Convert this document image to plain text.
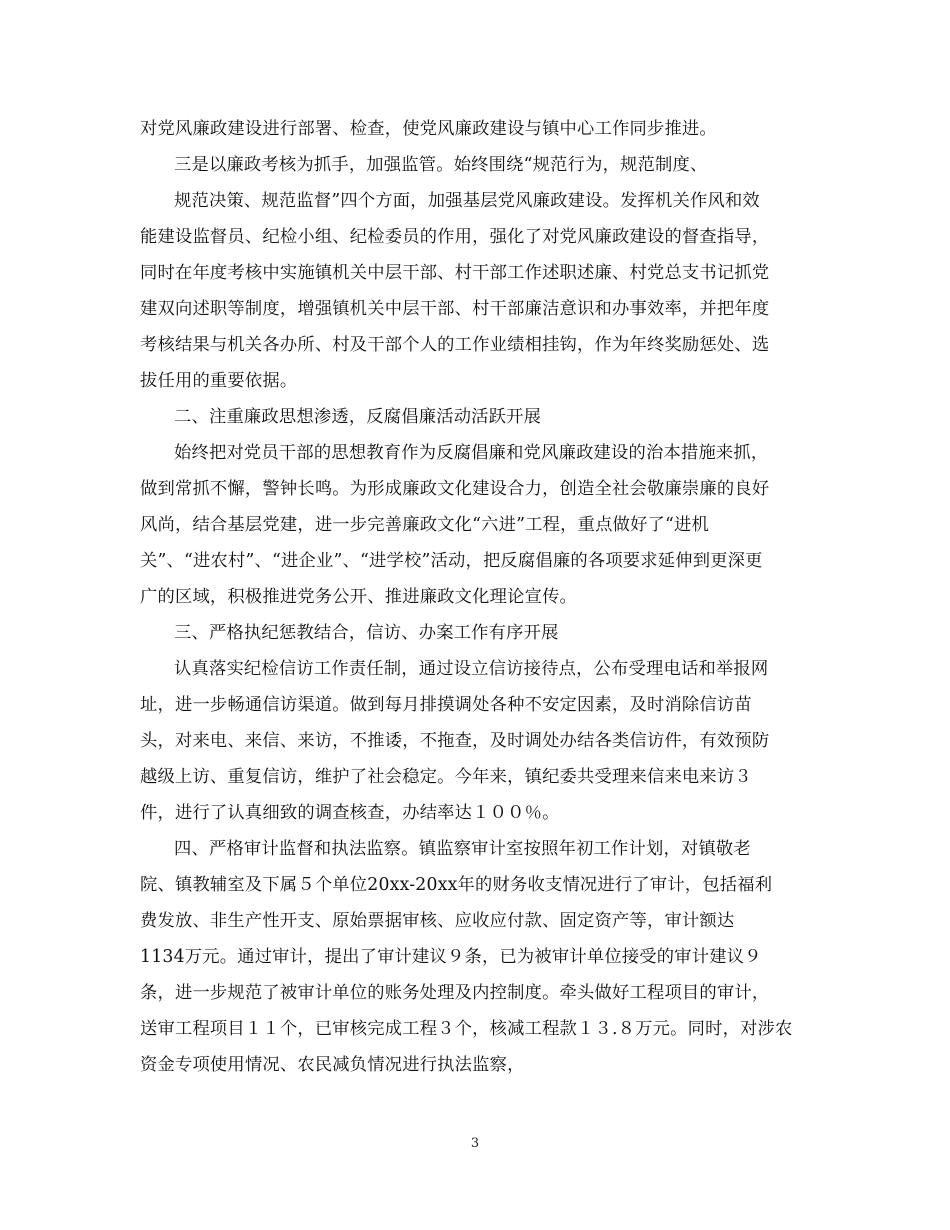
对党风廉政建设进行部署、检查，使党风廉政建设与镇中心工作同步推进。
三是以廉政考核为抓手，加强监管。始终围绕“规范行为，规范制度、
规范决策、规范监督”四个方面，加强基层党风廉政建设。发挥机关作风和效
能建设监督员、纪检小组、纪检委员的作用，强化了对党风廉政建设的督查指导，
同时在年度考核中实施镇机关中层干部、村干部工作述职述廉、村党总支书记抓党
建双向述职等制度，增强镇机关中层干部、村干部廉洁意识和办事效率，并把年度
考核结果与机关各办所、村及干部个人的工作业绩相挂钩，作为年终奖励惩处、选
拔任用的重要依据。
二、注重廉政思想渗透，反腐倡廉活动活跃开展
始终把对党员干部的思想教育作为反腐倡廉和党风廉政建设的治本措施来抓，
做到常抓不懈，警钟长鸣。为形成廉政文化建设合力，创造全社会敬廉崇廉的良好
风尚，结合基层党建，进一步完善廉政文化“六进”工程，重点做好了“进机
关”、“进农村”、“进企业”、“进学校”活动，把反腐倡廉的各项要求延伸到更深更
广的区域，积极推进党务公开、推进廉政文化理论宣传。
三、严格执纪惩教结合，信访、办案工作有序开展
认真落实纪检信访工作责任制，通过设立信访接待点，公布受理电话和举报网
址，进一步畅通信访渠道。做到每月排摸调处各种不安定因素，及时消除信访苗
头，对来电、来信、来访，不推诿，不拖查，及时调处办结各类信访件，有效预防
越级上访、重复信访，维护了社会稳定。今年来，镇纪委共受理来信来电来访３
件，进行了认真细致的调查核查，办结率达１００％。
四、严格审计监督和执法监察。镇监察审计室按照年初工作计划，对镇敬老
院、镇教辅室及下属５个单位20xx-20xx年的财务收支情况进行了审计，包括福利
费发放、非生产性开支、原始票据审核、应收应付款、固定资产等，审计额达
1134万元。通过审计，提出了审计建议９条，已为被审计单位接受的审计建议９
条，进一步规范了被审计单位的账务处理及内控制度。牵头做好工程项目的审计，
送审工程项目１１个，已审核完成工程３个，核减工程款１３.８万元。同时，对涉农
资金专项使用情况、农民减负情况进行执法监察，
3
